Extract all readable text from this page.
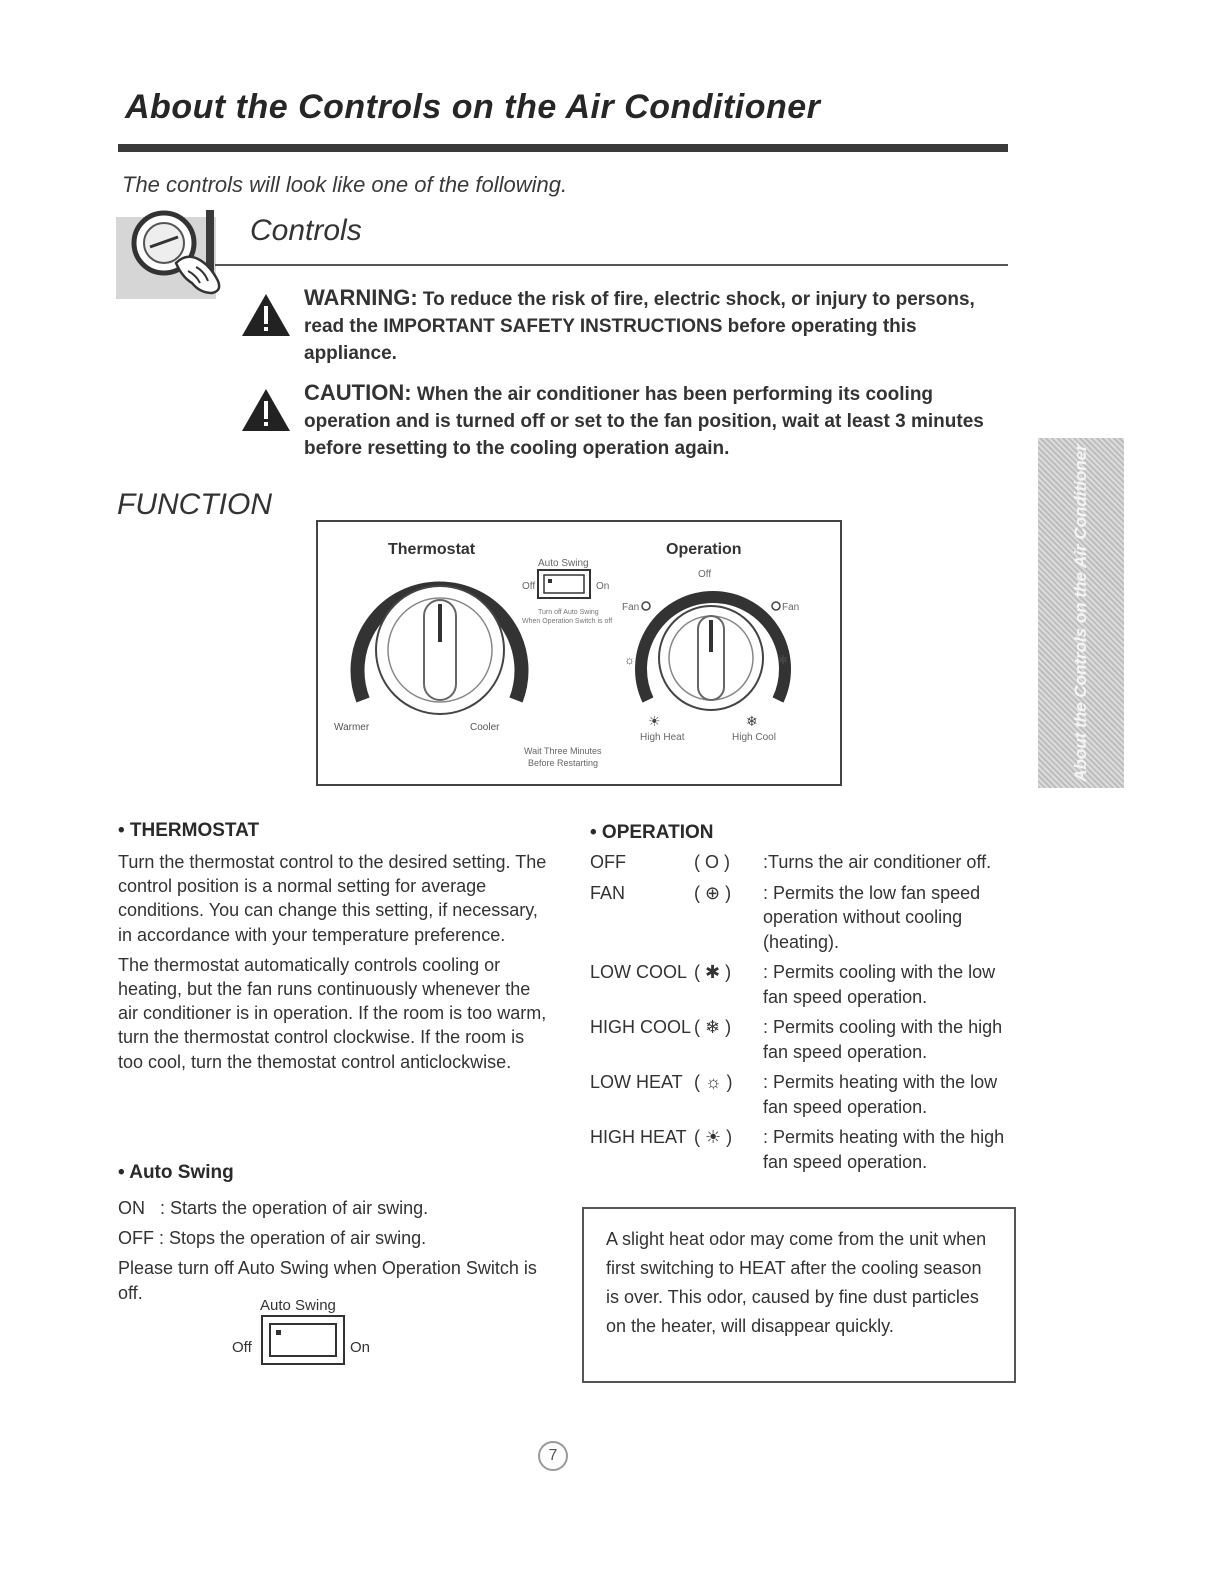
About the Controls on the Air Conditioner
The controls will look like one of the following.
Controls
WARNING: To reduce the risk of fire, electric shock, or injury to persons, read the IMPORTANT SAFETY INSTRUCTIONS before operating this appliance.
CAUTION: When the air conditioner has been performing its cooling operation and is turned off or set to the fan position, wait at least 3 minutes before resetting to the cooling operation again.
FUNCTION
Thermostat
Warmer	Cooler
Auto Swing
Off	On
Turn off Auto Swing
When Operation Switch is off
Operation
Off
Fan	Fan
☼	✱
☀	❄
High Heat	High Cool
Wait Three Minutes
Before Restarting	About the Controls on the Air Conditioner
• THERMOSTAT

Turn the thermostat control to the desired setting. The control position is a normal setting for average conditions. You can change this setting, if necessary, in accordance with your temperature preference.

The thermostat automatically controls cooling or heating, but the fan runs continuously whenever the air conditioner is in operation. If the room is too warm, turn the thermostat control clockwise. If the room is too cool, turn the themostat control anticlockwise.

• Auto Swing

ON   : Starts the operation of air swing.

OFF : Stops the operation of air swing.

Please turn off Auto Swing when Operation Switch is off.

Auto Swing
Off	On
• OPERATION
OFF	( O ) :Turns the air conditioner off.
FAN	( ⊕ ) : Permits the low fan speed operation without cooling (heating).
LOW COOL ( ✱ ) : Permits cooling with the low fan speed operation.
HIGH COOL ( ❄ ) : Permits cooling with the high fan speed operation.
LOW HEAT ( ☼ ) : Permits heating with the low fan speed operation.
HIGH HEAT ( ☀ ) : Permits heating with the high fan speed operation.
A slight heat odor may come from the unit when first switching to HEAT after the cooling season is over. This odor, caused by fine dust particles on the heater, will disappear quickly.
7
